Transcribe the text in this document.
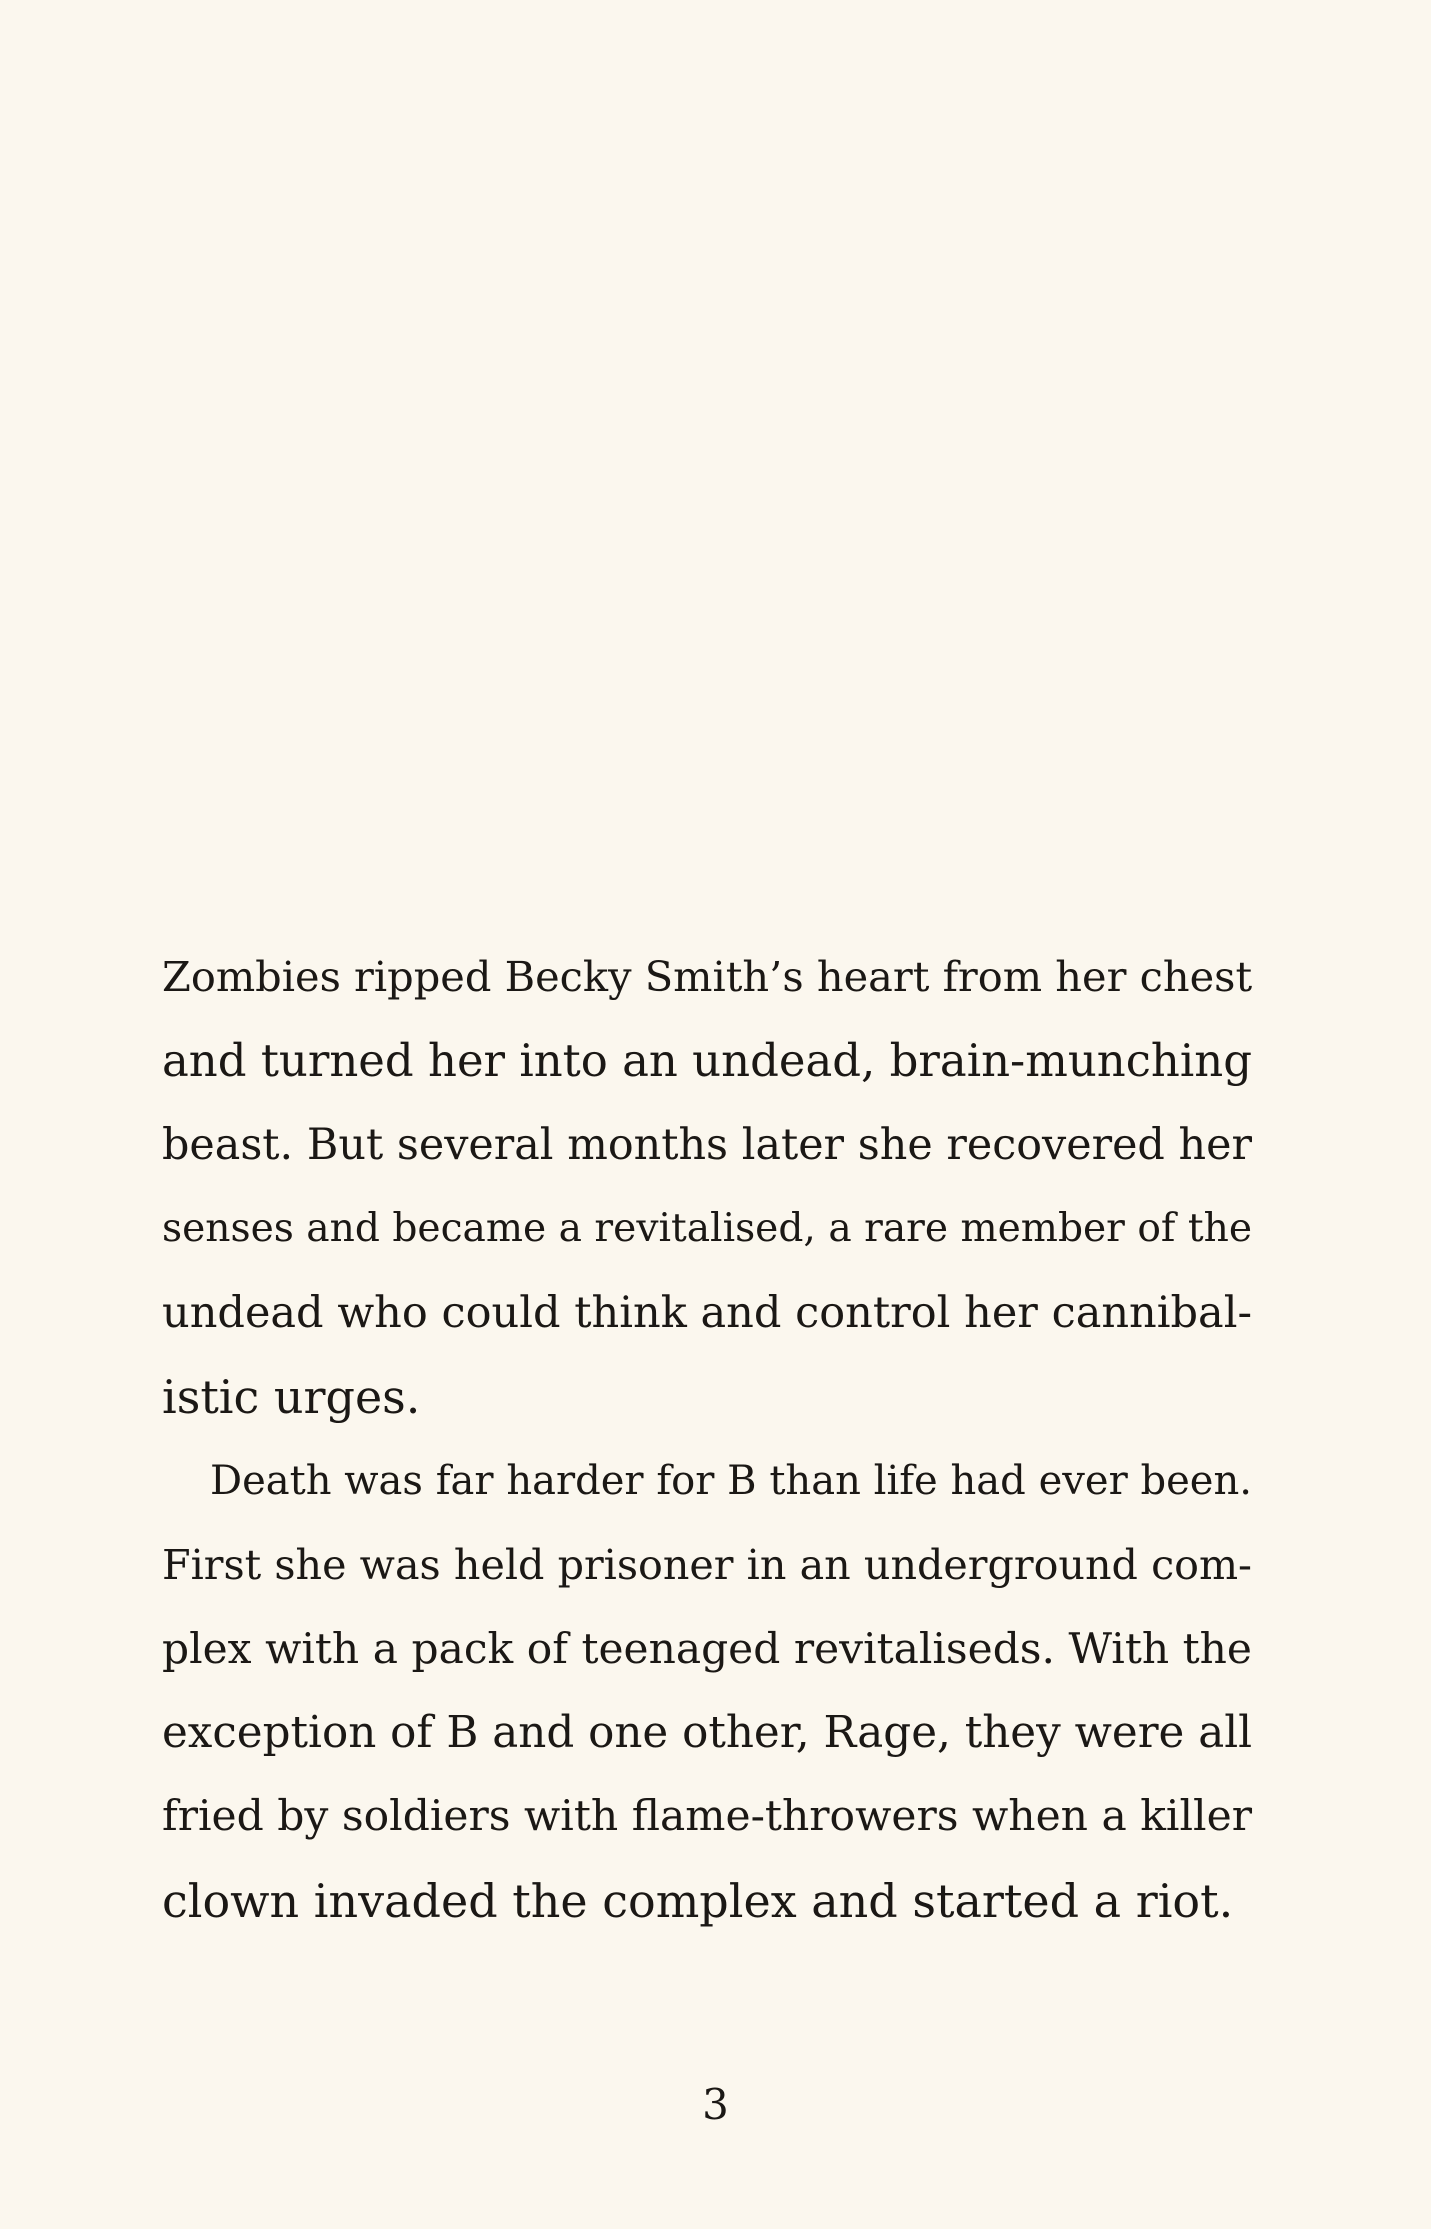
Zombies ripped Becky Smith’s heart from her chest
and turned her into an undead, brain-munching
beast. But several months later she recovered her
senses and became a revitalised, a rare member of the
undead who could think and control her cannibal-
istic urges.

Death was far harder for B than life had ever been.
First she was held prisoner in an underground com-
plex with a pack of teenaged revitaliseds. With the
exception of B and one other, Rage, they were all
fried by soldiers with flame-throwers when a killer
clown invaded the complex and started a riot.

3
